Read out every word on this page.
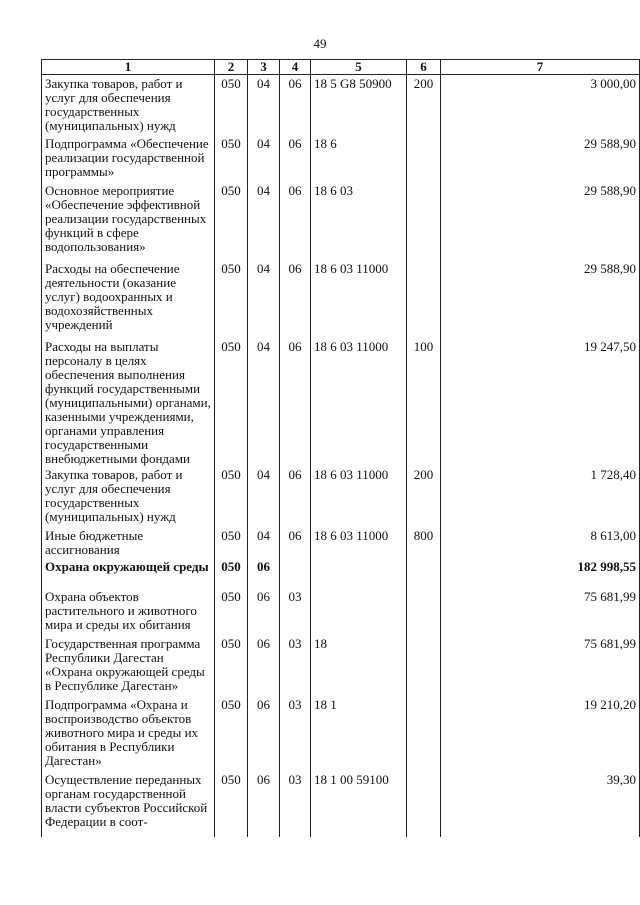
49
1	2	3	4	5	6	7
Закупка товаров, работ и услуг для обеспечения государственных (муниципальных) нужд	050	04	06	18 5 G8 50900	200	3 000,00
Подпрограмма «Обеспечение реализации государственной программы»	050	04	06	18 6		29 588,90
Основное мероприятие «Обеспечение эффективной реализации государственных функций в сфере водопользования»	050	04	06	18 6 03		29 588,90
Расходы на обеспечение деятельности (оказание услуг) водоохранных и водохозяйственных учреждений	050	04	06	18 6 03 11000		29 588,90
Расходы на выплаты персоналу в целях обеспечения выполнения функций государственными (муниципальными) органами, казенными учреждениями, органами управления государственными внебюджетными фондами	050	04	06	18 6 03 11000	100	19 247,50
Закупка товаров, работ и услуг для обеспечения государственных (муниципальных) нужд	050	04	06	18 6 03 11000	200	1 728,40
Иные бюджетные ассигнования	050	04	06	18 6 03 11000	800	8 613,00
Охрана окружающей среды	050	06				182 998,55
Охрана объектов растительного и животного мира и среды их обитания	050	06	03			75 681,99
Государственная программа Республики Дагестан «Охрана окружающей среды в Республике Дагестан»	050	06	03	18		75 681,99
Подпрограмма «Охрана и воспроизводство объектов животного мира и среды их обитания в Республики Дагестан»	050	06	03	18 1		19 210,20
Осуществление переданных органам государственной власти субъектов Российской Федерации в соот-	050	06	03	18 1 00 59100		39,30
